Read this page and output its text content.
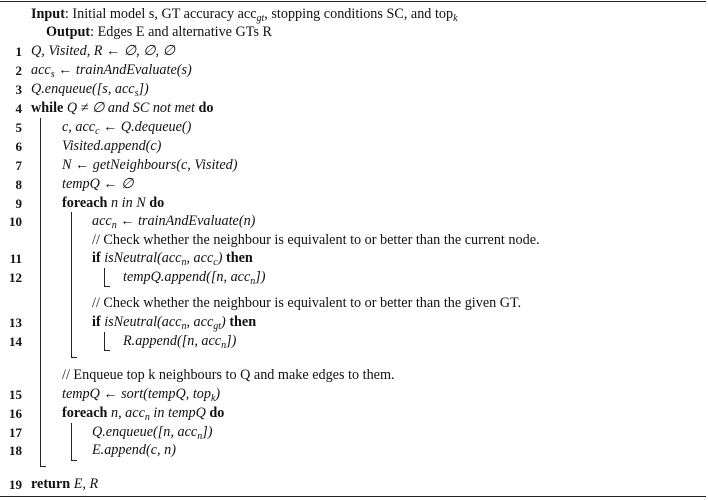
Input: Initial model s, GT accuracy acc$_{gt}$, stopping conditions SC, and top$_k$
Output: Edges E and alternative GTs R
1 Q, Visited, R ← ∅, ∅, ∅
2 acc$_s$ ← trainAndEvaluate(s)
3 Q.enqueue([s, acc$_s$])
4 while Q ≠ ∅ and SC not met do
5	c, acc$_c$ ← Q.dequeue()
6	Visited.append(c)
7	N ← getNeighbours(c, Visited)
8	tempQ ← ∅
9	foreach n in N do
10	acc$_n$ ← trainAndEvaluate(n)
// Check whether the neighbour is equivalent to or better than the current node.
11	if isNeutral(acc$_n$, acc$_c$) then
12	tempQ.append([n, acc$_n$])
// Check whether the neighbour is equivalent to or better than the given GT.
13	if isNeutral(acc$_n$, acc$_{gt}$) then
14	R.append([n, acc$_n$])
// Enqueue top k neighbours to Q and make edges to them.
15	tempQ ← sort(tempQ, top$_k$)
16	foreach n, acc$_n$ in tempQ do
17	Q.enqueue([n, acc$_n$])
18	E.append(c, n)
19 return E, R
